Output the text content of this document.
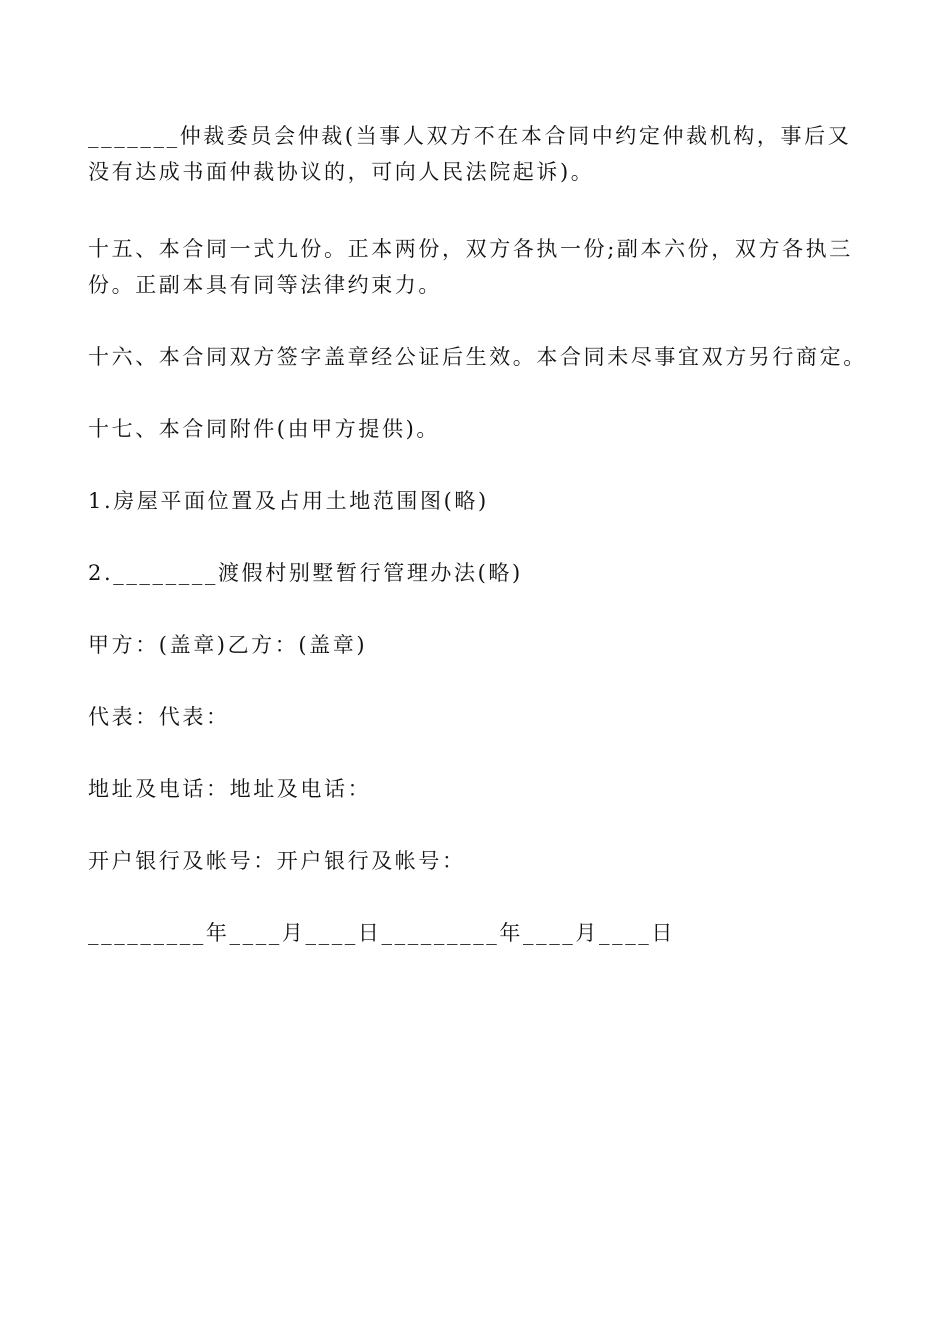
_______仲裁委员会仲裁(当事人双方不在本合同中约定仲裁机构，事后又没有达成书面仲裁协议的，可向人民法院起诉)。

十五、本合同一式九份。正本两份，双方各执一份;副本六份，双方各执三份。正副本具有同等法律约束力。

十六、本合同双方签字盖章经公证后生效。本合同未尽事宜双方另行商定。

十七、本合同附件(由甲方提供)。

1.房屋平面位置及占用土地范围图(略)

2.________渡假村别墅暂行管理办法(略)

甲方：(盖章)乙方：(盖章)

代表：代表：

地址及电话：地址及电话：

开户银行及帐号：开户银行及帐号：

_________年____月____日_________年____月____日
